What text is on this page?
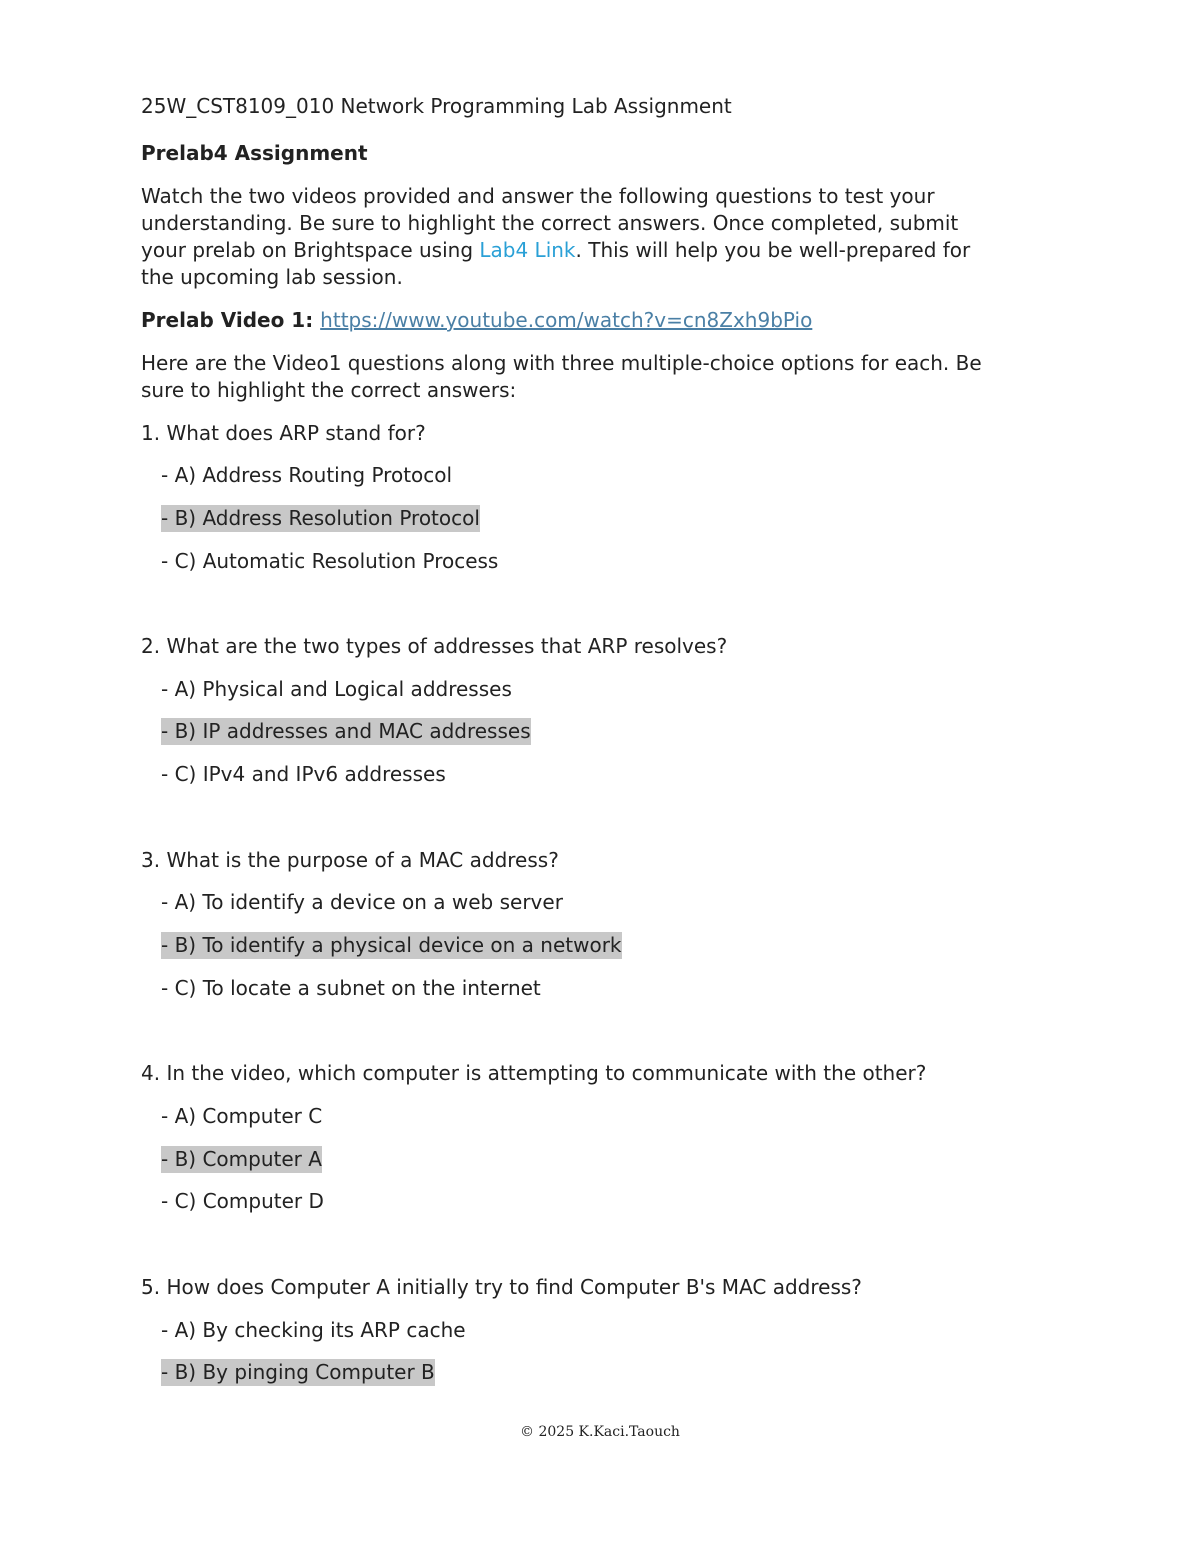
25W_CST8109_010 Network Programming Lab Assignment
Prelab4 Assignment
Watch the two videos provided and answer the following questions to test your
understanding. Be sure to highlight the correct answers. Once completed, submit
your prelab on Brightspace using Lab4 Link. This will help you be well-prepared for
the upcoming lab session.
Prelab Video 1: https://www.youtube.com/watch?v=cn8Zxh9bPio
Here are the Video1 questions along with three multiple-choice options for each. Be
sure to highlight the correct answers:
1. What does ARP stand for?
- A) Address Routing Protocol
- B) Address Resolution Protocol
- C) Automatic Resolution Process
2. What are the two types of addresses that ARP resolves?
- A) Physical and Logical addresses
- B) IP addresses and MAC addresses
- C) IPv4 and IPv6 addresses
3. What is the purpose of a MAC address?
- A) To identify a device on a web server
- B) To identify a physical device on a network
- C) To locate a subnet on the internet
4. In the video, which computer is attempting to communicate with the other?
- A) Computer C
- B) Computer A
- C) Computer D
5. How does Computer A initially try to find Computer B's MAC address?
- A) By checking its ARP cache
- B) By pinging Computer B
© 2025 K.Kaci.Taouch
